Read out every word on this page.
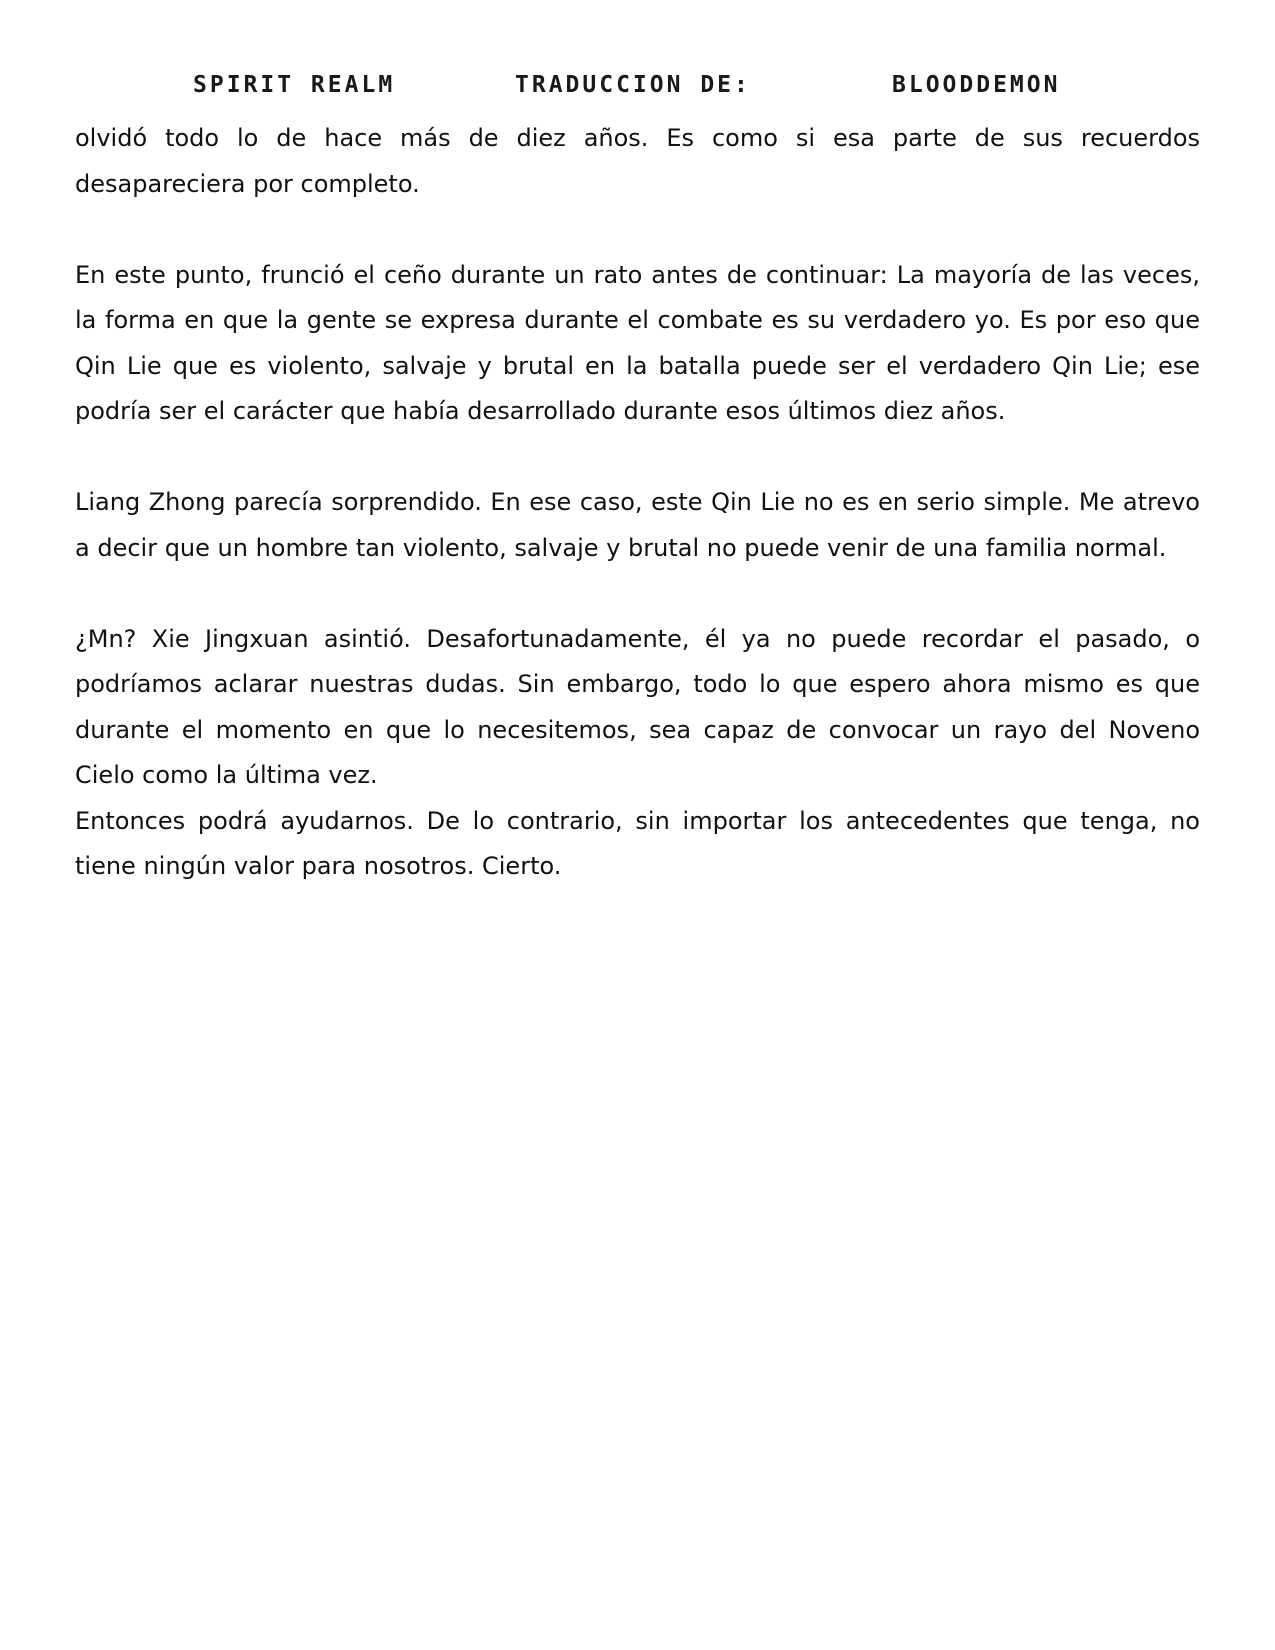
SPIRIT REALM	TRADUCCION DE:	BLOODDEMON

olvidó todo lo de hace más de diez años. Es como si esa parte de sus recuerdos desapareciera por completo.

En este punto, frunció el ceño durante un rato antes de continuar: La mayoría de las veces, la forma en que la gente se expresa durante el combate es su verdadero yo. Es por eso que Qin Lie que es violento, salvaje y brutal en la batalla puede ser el verdadero Qin Lie; ese podría ser el carácter que había desarrollado durante esos últimos diez años.

Liang Zhong parecía sorprendido. En ese caso, este Qin Lie no es en serio simple. Me atrevo a decir que un hombre tan violento, salvaje y brutal no puede venir de una familia normal.

¿Mn? Xie Jingxuan asintió. Desafortunadamente, él ya no puede recordar el pasado, o podríamos aclarar nuestras dudas. Sin embargo, todo lo que espero ahora mismo es que durante el momento en que lo necesitemos, sea capaz de convocar un rayo del Noveno Cielo como la última vez.

Entonces podrá ayudarnos. De lo contrario, sin importar los antecedentes que tenga, no tiene ningún valor para nosotros. Cierto.
